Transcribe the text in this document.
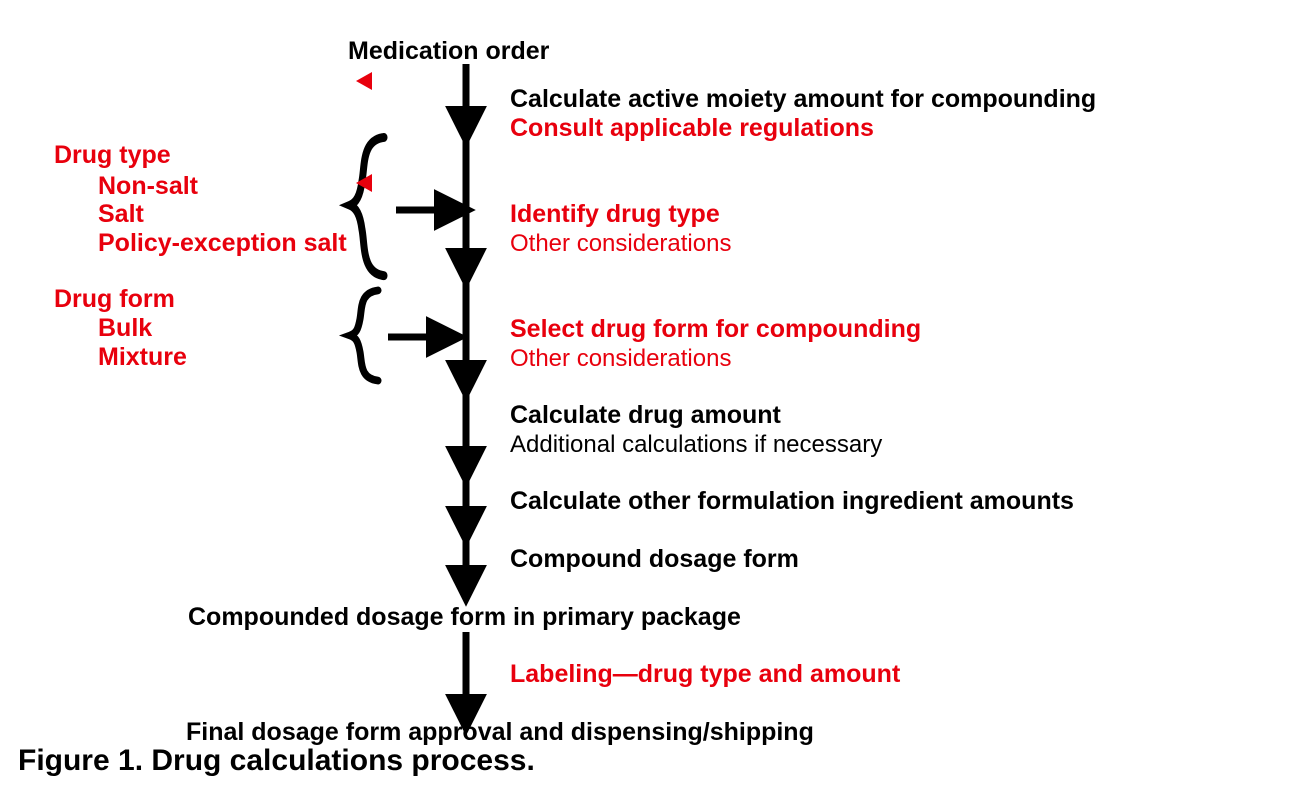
Medication order
Calculate active moiety amount for compounding
Consult applicable regulations
Identify drug type
Other considerations
Select drug form for compounding
Other considerations
Calculate drug amount
Additional calculations if necessary
Calculate other formulation ingredient amounts
Compound dosage form
Compounded dosage form in primary package
Labeling—drug type and amount
Final dosage form approval and dispensing/shipping
Drug type
Non-salt
Salt
Policy-exception salt
Drug form
Bulk
Mixture
Figure 1. Drug calculations process.
